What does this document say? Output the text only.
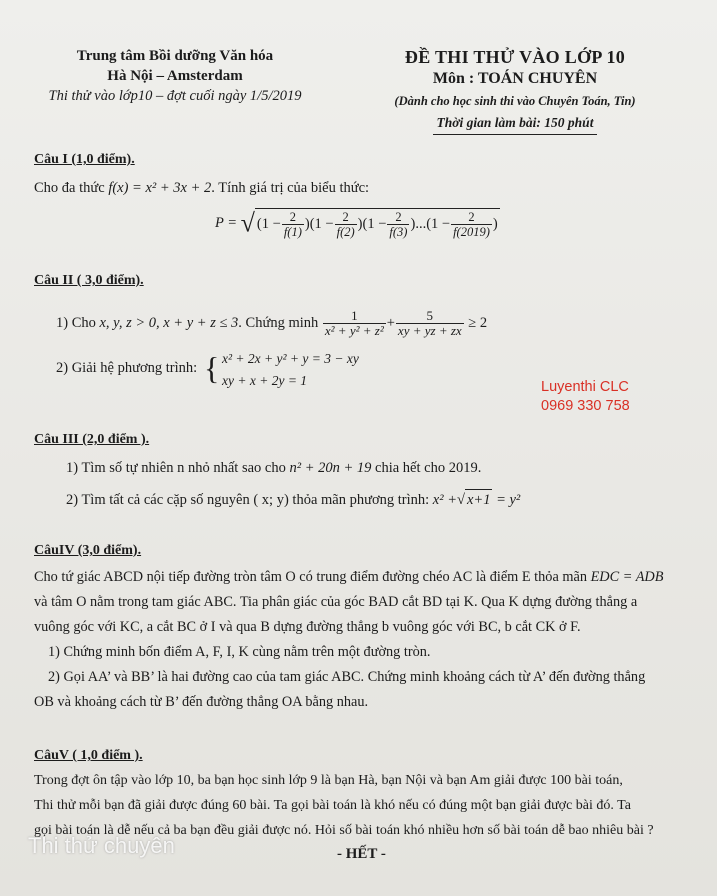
Trung tâm Bồi dưỡng Văn hóa
Hà Nội – Amsterdam
Thi thử vào lớp10 – đợt cuối ngày 1/5/2019
ĐỀ THI THỬ VÀO LỚP 10
Môn : TOÁN CHUYÊN
(Dành cho học sinh thi vào Chuyên Toán, Tin)
Thời gian làm bài: 150 phút
Câu I (1,0 điểm).
Cho đa thức f(x) = x² + 3x + 2. Tính giá trị của biểu thức:
P = √ $(1 - \frac{2}{f(1)} )(1 - \frac{2}{f(2)} )(1 - \frac{2}{f(3)} )...(1 - \frac{2}{f(2019)}$ )
Câu II ( 3,0 điểm).
1) Cho x, y, z > 0, x + y + z ≤ 3. Chứng minh $\frac{1}{\text{x² + y² + z²}} + \frac{5}{xy + yz + zx} \ge 2$
2) Giải hệ phương trình: { x² + 2x + y² + y = 3 − xy
xy + x + 2y = 1	Luyenthi CLC
0969 330 758
Câu III (2,0 điểm ).
1) Tìm số tự nhiên n nhỏ nhất sao cho n² + 20n + 19 chia hết cho 2019.
2) Tìm tất cả các cặp số nguyên ( x; y) thỏa mãn phương trình: x² +√ x+1 = y²
CâuIV (3,0 điểm).
Cho tứ giác ABCD nội tiếp đường tròn tâm O có trung điểm đường chéo AC là điểm E thỏa mãn EDC = ADB
và tâm O nằm trong tam giác ABC. Tia phân giác của góc BAD cắt BD tại K. Qua K dựng đường thẳng a
vuông góc với KC, a cắt BC ở I và qua B dựng đường thẳng b vuông góc với BC, b cắt CK ở F.
1) Chứng minh bốn điểm A, F, I, K cùng nằm trên một đường tròn.
2) Gọi AA’ và BB’ là hai đường cao của tam giác ABC. Chứng minh khoảng cách từ A’ đến đường thẳng
OB và khoảng cách từ B’ đến đường thẳng OA bằng nhau.
CâuV ( 1,0 điểm ).
Trong đợt ôn tập vào lớp 10, ba bạn học sinh lớp 9 là bạn Hà, bạn Nội và bạn Am giải được 100 bài toán,
Thi thử mỗi bạn đã giải được đúng 60 bài. Ta gọi bài toán là khó nếu có đúng một bạn giải được bài đó. Ta
gọi bài toán là dễ nếu cả ba bạn đều giải được nó. Hỏi số bài toán khó nhiều hơn số bài toán dễ bao nhiêu bài ?
Thi thử chuyên	- HẾT -
